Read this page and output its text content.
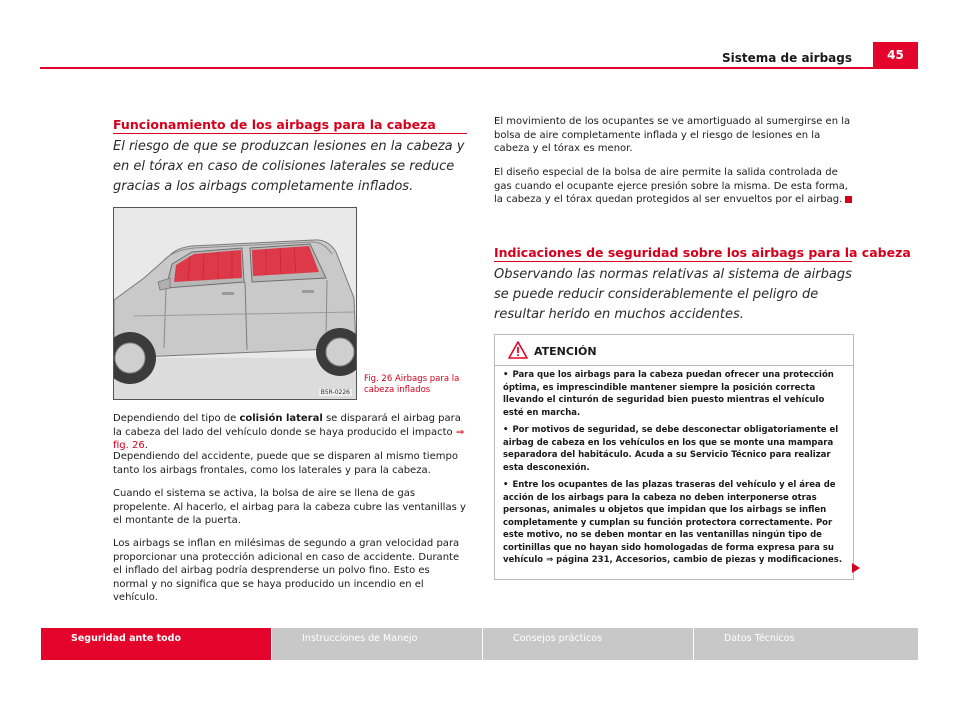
Sistema de airbags	45
Funcionamiento de los airbags para la cabeza

El riesgo de que se produzcan lesiones en la cabeza y en el tórax en caso de colisiones laterales se reduce gracias a los airbags completamente inflados.

B5R-0226

Fig. 26 Airbags para la cabeza inflados

Dependiendo del tipo de colisión lateral se disparará el airbag para la cabeza del lado del vehículo donde se haya producido el impacto ⇒ fig. 26.

Dependiendo del accidente, puede que se disparen al mismo tiempo tanto los airbags frontales, como los laterales y para la cabeza.

Cuando el sistema se activa, la bolsa de aire se llena de gas propelente. Al hacerlo, el airbag para la cabeza cubre las ventanillas y el montante de la puerta.

Los airbags se inflan en milésimas de segundo a gran velocidad para proporcionar una protección adicional en caso de accidente. Durante el inflado del airbag podría desprenderse un polvo fino. Esto es normal y no significa que se haya producido un incendio en el vehículo.

El movimiento de los ocupantes se ve amortiguado al sumergirse en la bolsa de aire completamente inflada y el riesgo de lesiones en la cabeza y el tórax es menor.

El diseño especial de la bolsa de aire permite la salida controlada de gas cuando el ocupante ejerce presión sobre la misma. De esta forma, la cabeza y el tórax quedan protegidos al ser envueltos por el airbag.

Indicaciones de seguridad sobre los airbags para la cabeza

Observando las normas relativas al sistema de airbags se puede reducir considerablemente el peligro de resultar herido en muchos accidentes.

ATENCIÓN
• Para que los airbags para la cabeza puedan ofrecer una protección óptima, es imprescindible mantener siempre la posición correcta llevando el cinturón de seguridad bien puesto mientras el vehículo esté en marcha.
• Por motivos de seguridad, se debe desconectar obligatoriamente el airbag de cabeza en los vehículos en los que se monte una mampara separadora del habitáculo. Acuda a su Servicio Técnico para realizar esta desconexión.
• Entre los ocupantes de las plazas traseras del vehículo y el área de acción de los airbags para la cabeza no deben interponerse otras personas, animales u objetos que impidan que los airbags se inflen completamente y cumplan su función protectora correctamente. Por este motivo, no se deben montar en las ventanillas ningún tipo de cortinillas que no hayan sido homologadas de forma expresa para su vehículo ⇒ página 231, Accesorios, cambio de piezas y modificaciones.
Seguridad ante todo	Instrucciones de Manejo	Consejos prácticos	Datos Técnicos
